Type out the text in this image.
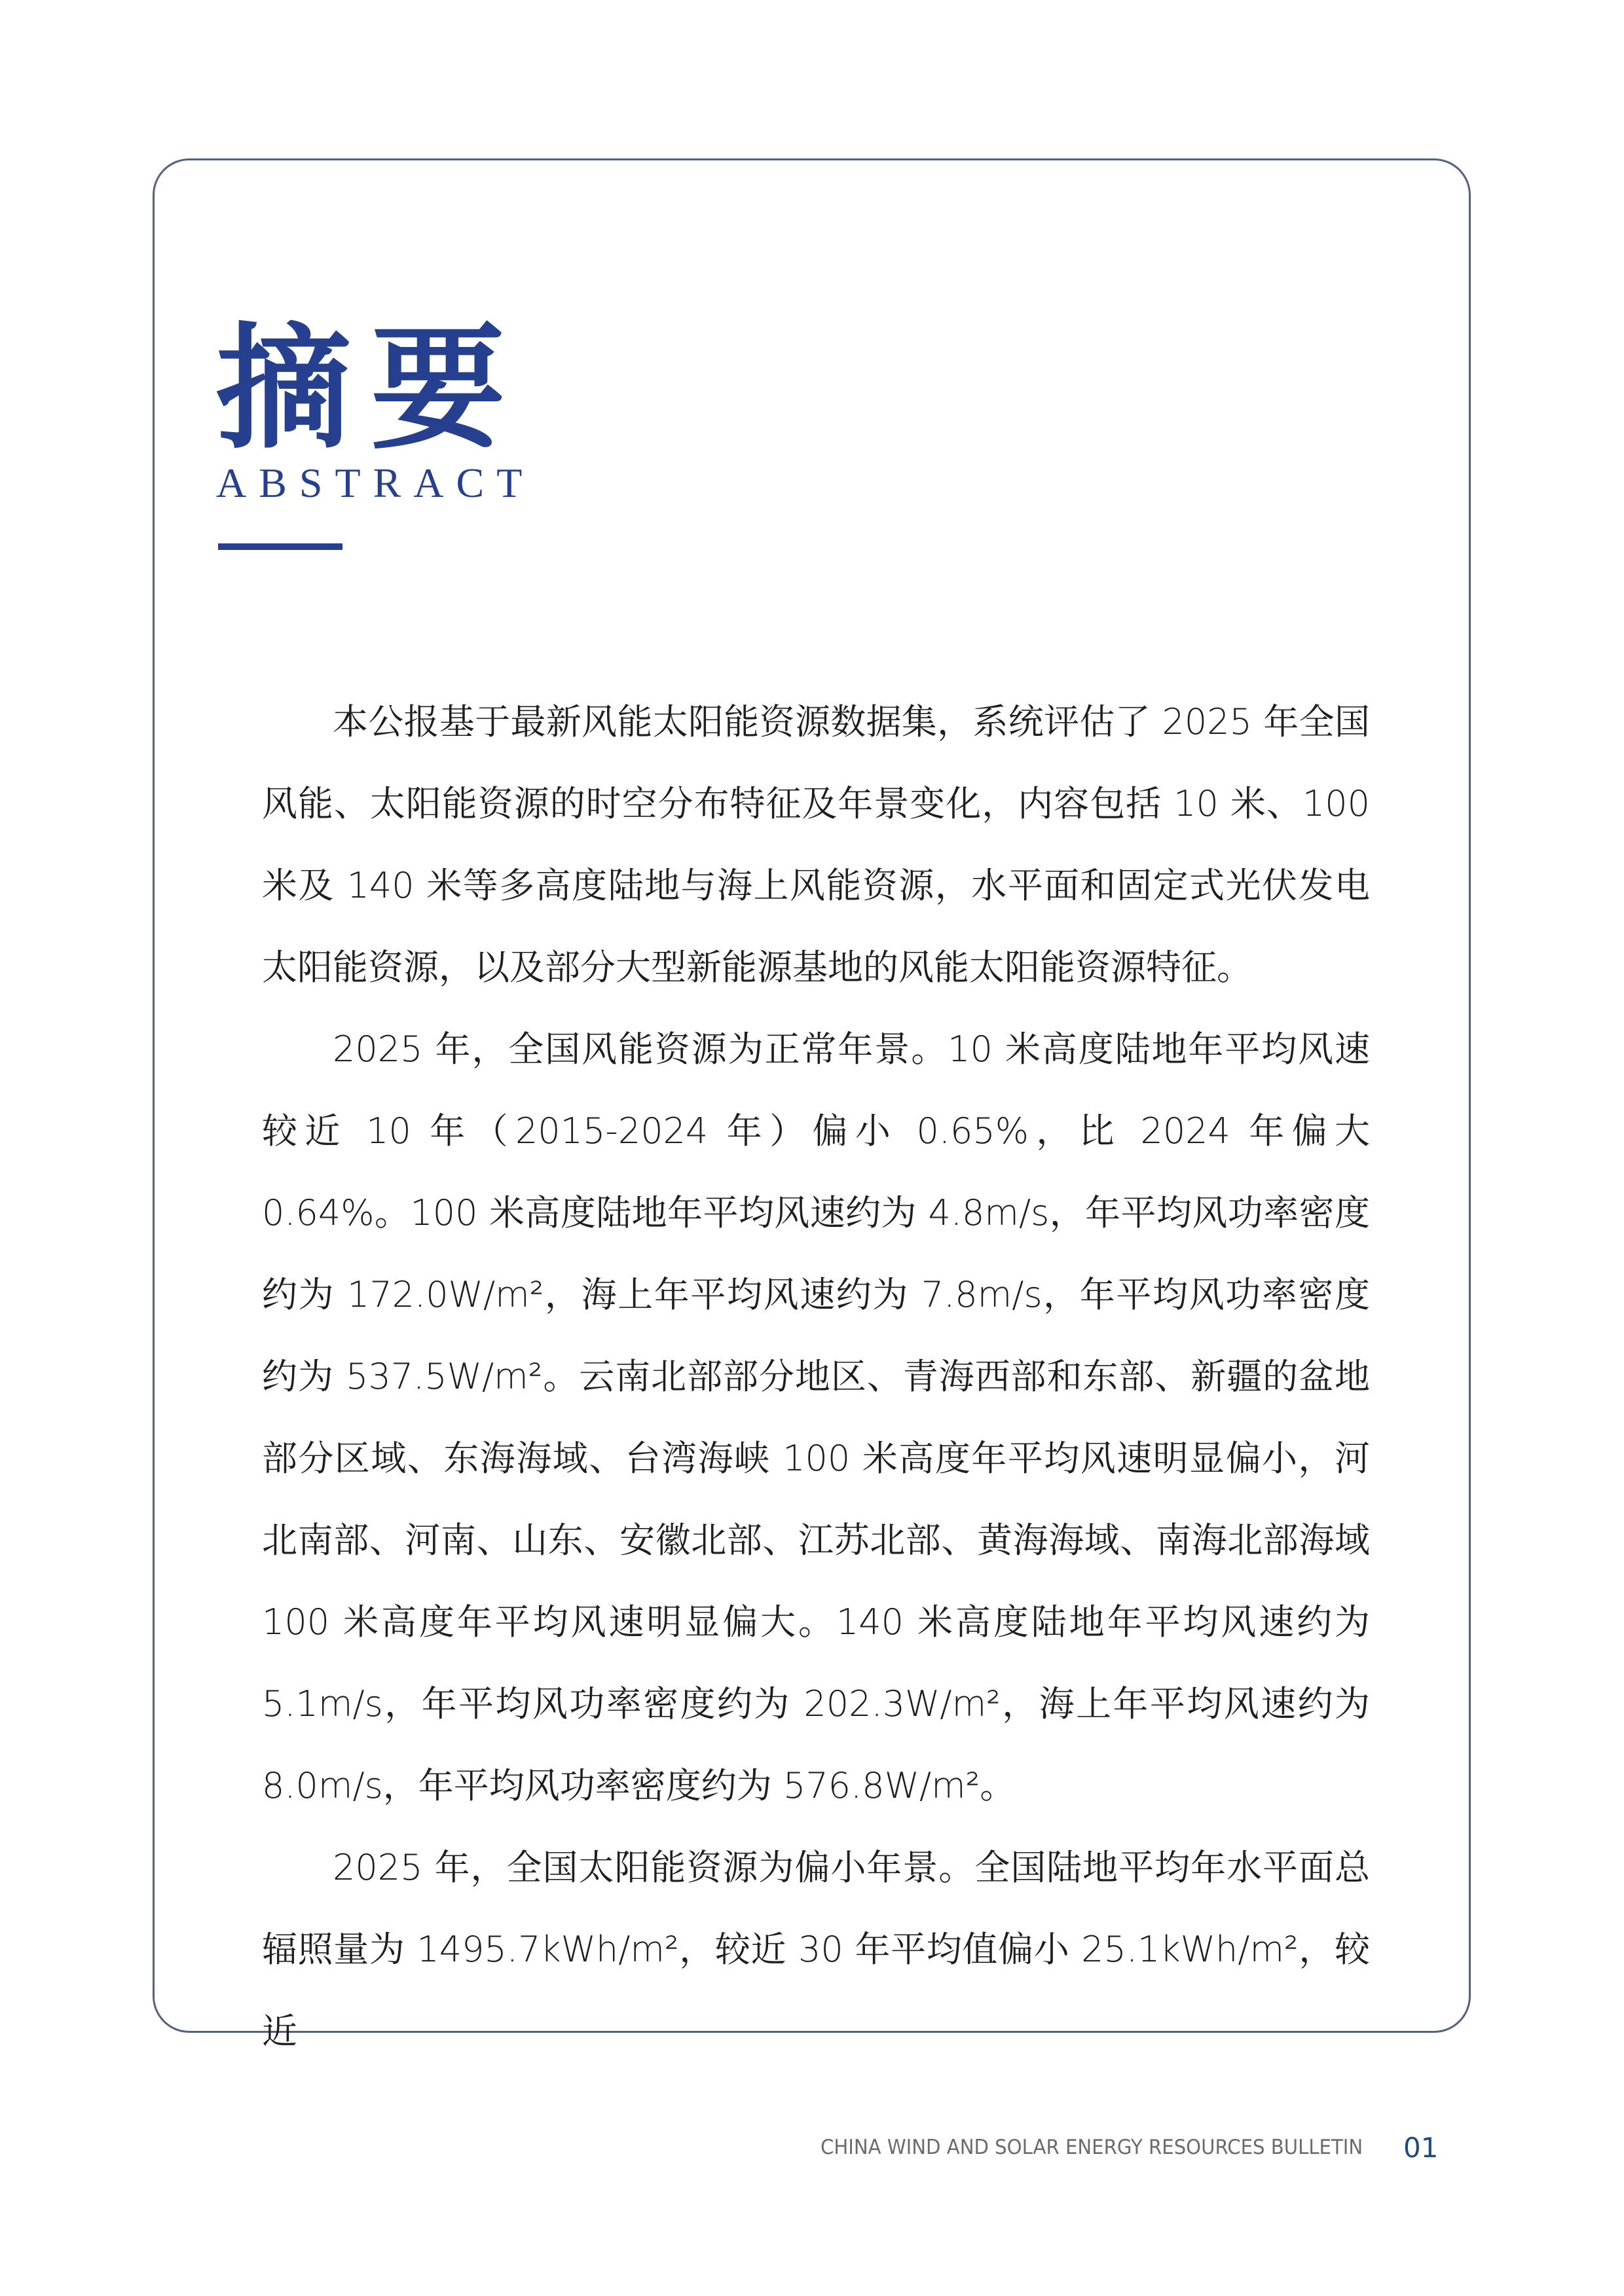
摘要
ABSTRACT

本公报基于最新风能太阳能资源数据集，系统评估了 2025 年全国风能、太阳能资源的时空分布特征及年景变化，内容包括 10 米、100 米及 140 米等多高度陆地与海上风能资源，水平面和固定式光伏发电太阳能资源，以及部分大型新能源基地的风能太阳能资源特征。

2025 年，全国风能资源为正常年景。10 米高度陆地年平均风速较近 10 年（2015-2024 年）偏小 0.65%，比 2024 年偏大 0.64%。100 米高度陆地年平均风速约为 4.8m/s，年平均风功率密度约为 172.0W/m²，海上年平均风速约为 7.8m/s，年平均风功率密度约为 537.5W/m²。云南北部部分地区、青海西部和东部、新疆的盆地部分区域、东海海域、台湾海峡 100 米高度年平均风速明显偏小，河北南部、河南、山东、安徽北部、江苏北部、黄海海域、南海北部海域 100 米高度年平均风速明显偏大。140 米高度陆地年平均风速约为 5.1m/s，年平均风功率密度约为 202.3W/m²，海上年平均风速约为 8.0m/s，年平均风功率密度约为 576.8W/m²。

2025 年，全国太阳能资源为偏小年景。全国陆地平均年水平面总辐照量为 1495.7kWh/m²，较近 30 年平均值偏小 25.1kWh/m²，较近

CHINA WIND AND SOLAR ENERGY RESOURCES BULLETIN 01
